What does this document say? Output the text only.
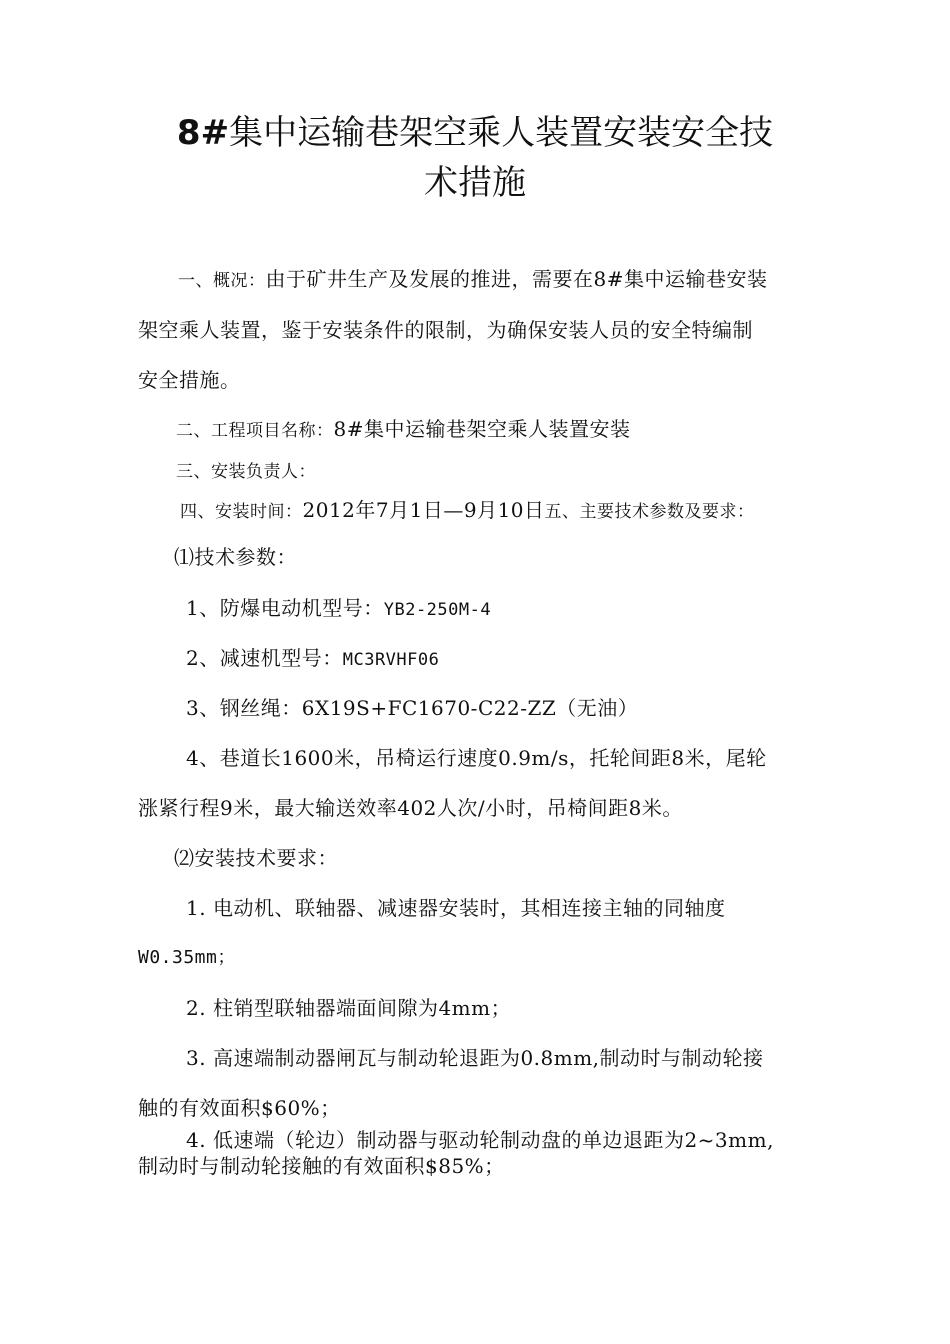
8#集中运输巷架空乘人装置安装安全技
术措施
一、概况：由于矿井生产及发展的推进，需要在8#集中运输巷安装
架空乘人装置，鉴于安装条件的限制，为确保安装人员的安全特编制
安全措施。
二、工程项目名称：8#集中运输巷架空乘人装置安装
三、安装负责人：
四、安装时间：2012年7月1日—9月10日五、主要技术参数及要求：
⑴技术参数：
1、防爆电动机型号：YB2-250M-4
2、减速机型号：MC3RVHF06
3、钢丝绳：6X19S+FC1670-C22-ZZ（无油）
4、巷道长1600米，吊椅运行速度0.9m/s，托轮间距8米，尾轮
涨紧行程9米，最大输送效率402人次/小时，吊椅间距8米。
⑵安装技术要求：
1. 电动机、联轴器、减速器安装时，其相连接主轴的同轴度
W0.35mm；
2. 柱销型联轴器端面间隙为4mm；
3. 高速端制动器闸瓦与制动轮退距为0.8mm,制动时与制动轮接
触的有效面积$60%；
4. 低速端（轮边）制动器与驱动轮制动盘的单边退距为2~3mm,
制动时与制动轮接触的有效面积$85%；
